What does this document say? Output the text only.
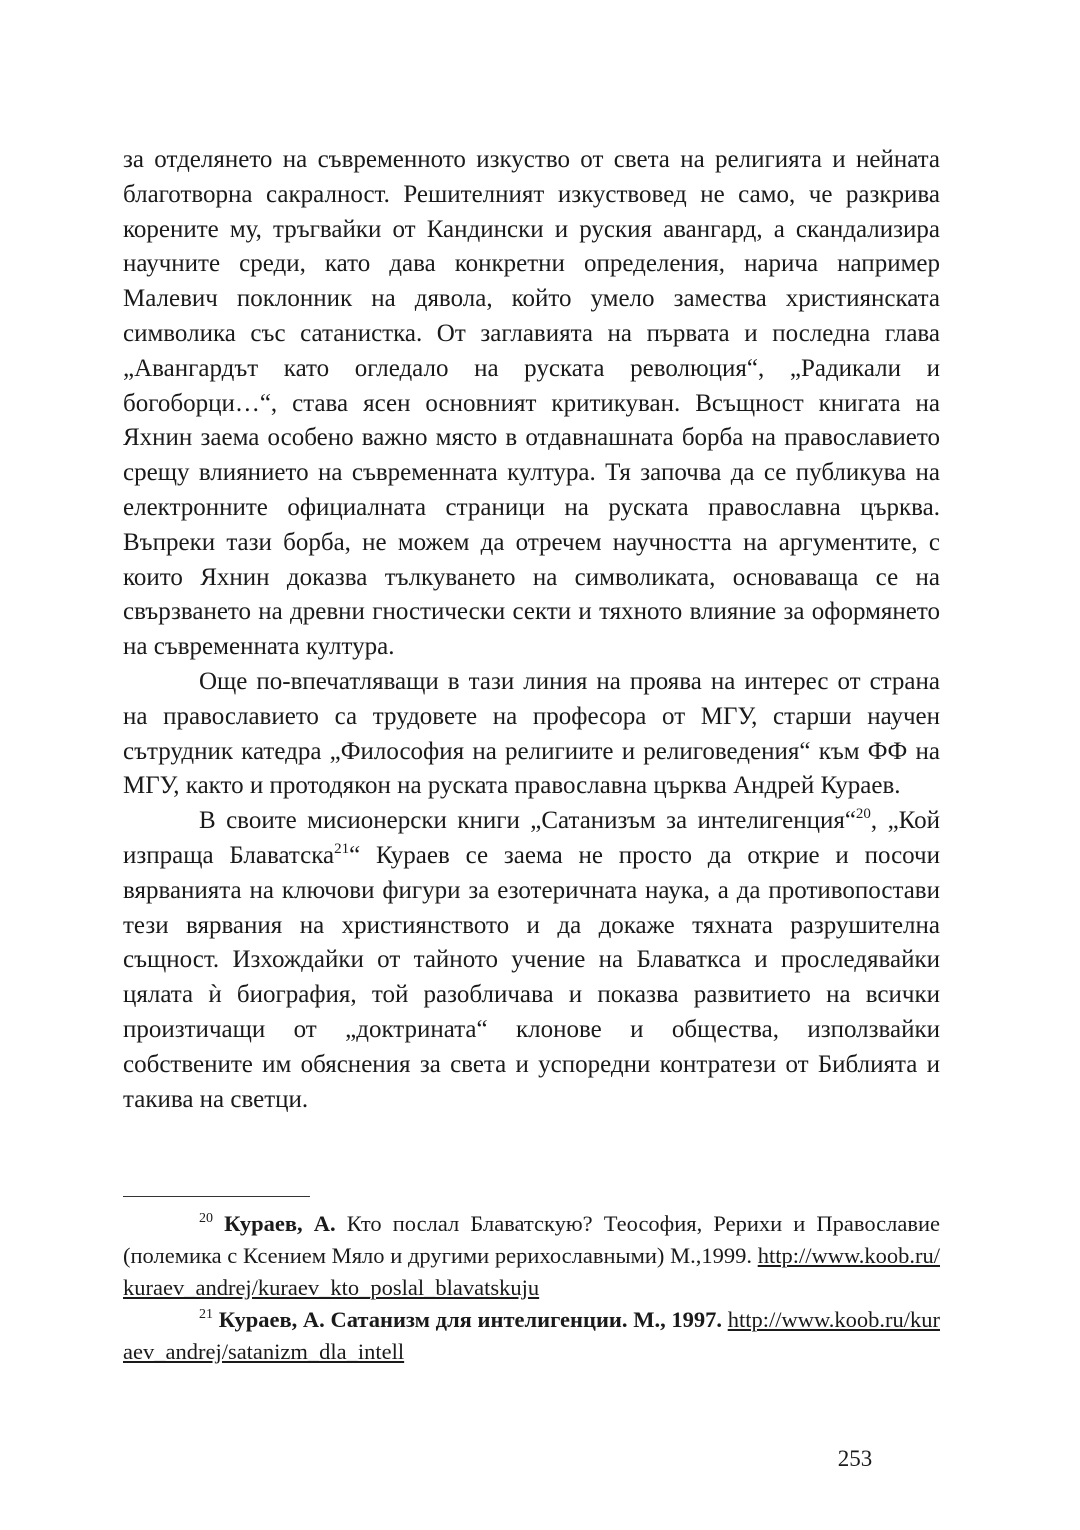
за отделянето на съвременното изкуство от света на религията и нейната благотворна сакралност. Решителният изкуствовед не само, че разкрива корените му, тръгвайки от Кандински и руския авангард, а скандализира научните среди, като дава конкретни определения, нарича например Малевич поклонник на дявола, който умело замества християнската символика със сатанистка. От заглавията на първата и последна глава „Авангардът като огледало на руската революция“, „Радикали и богоборци…“, става ясен основният критикуван. Всъщност книгата на Яхнин заема особено важно място в отдавнашната борба на православието срещу влиянието на съвременната култура. Тя започва да се публикува на електронните официалната страници на руската православна църква. Въпреки тази борба, не можем да отречем научността на аргументите, с които Яхнин доказва тълкуването на символиката, основаваща се на свързването на древни гностически секти и тяхното влияние за оформянето на съвременната култура.

Още по-впечатляващи в тази линия на проява на интерес от страна на православието са трудовете на професора от МГУ, старши научен сътрудник катедра „Философия на религиите и религоведения“ към ФФ на МГУ, както и протодякон на руската православна църква Андрей Кураев.

В своите мисионерски книги „Сатанизъм за интелигенция“$^{20}$, „Кой изпраща Блаватска$^{21}$“ Кураев се заема не просто да открие и посочи вярванията на ключови фигури за езотеричната наука, а да противопостави тези вярвания на християнството и да докаже тяхната разрушителна същност. Изхождайки от тайното учение на Блаваткса и проследявайки цялата ѝ биография, той разобличава и показва развитието на всички произтичащи от „доктрината“ клонове и общества, използвайки собствените им обяснения за света и успоредни контратези от Библията и такива на светци.

$^{20}$ Кураев, А. Кто послал Блаватскую? Теософия, Рерихи и Православие (полемика с Ксением Мяло и другими рерихославными) М.,1999. http://www.koob.ru/kuraev_andrej/kuraev_kto_poslal_blavatskuju

$^{21}$ Кураев, А. Сатанизм для интелигенции. М., 1997. http://www.koob.ru/kuraev_andrej/satanizm_dla_intell

253
